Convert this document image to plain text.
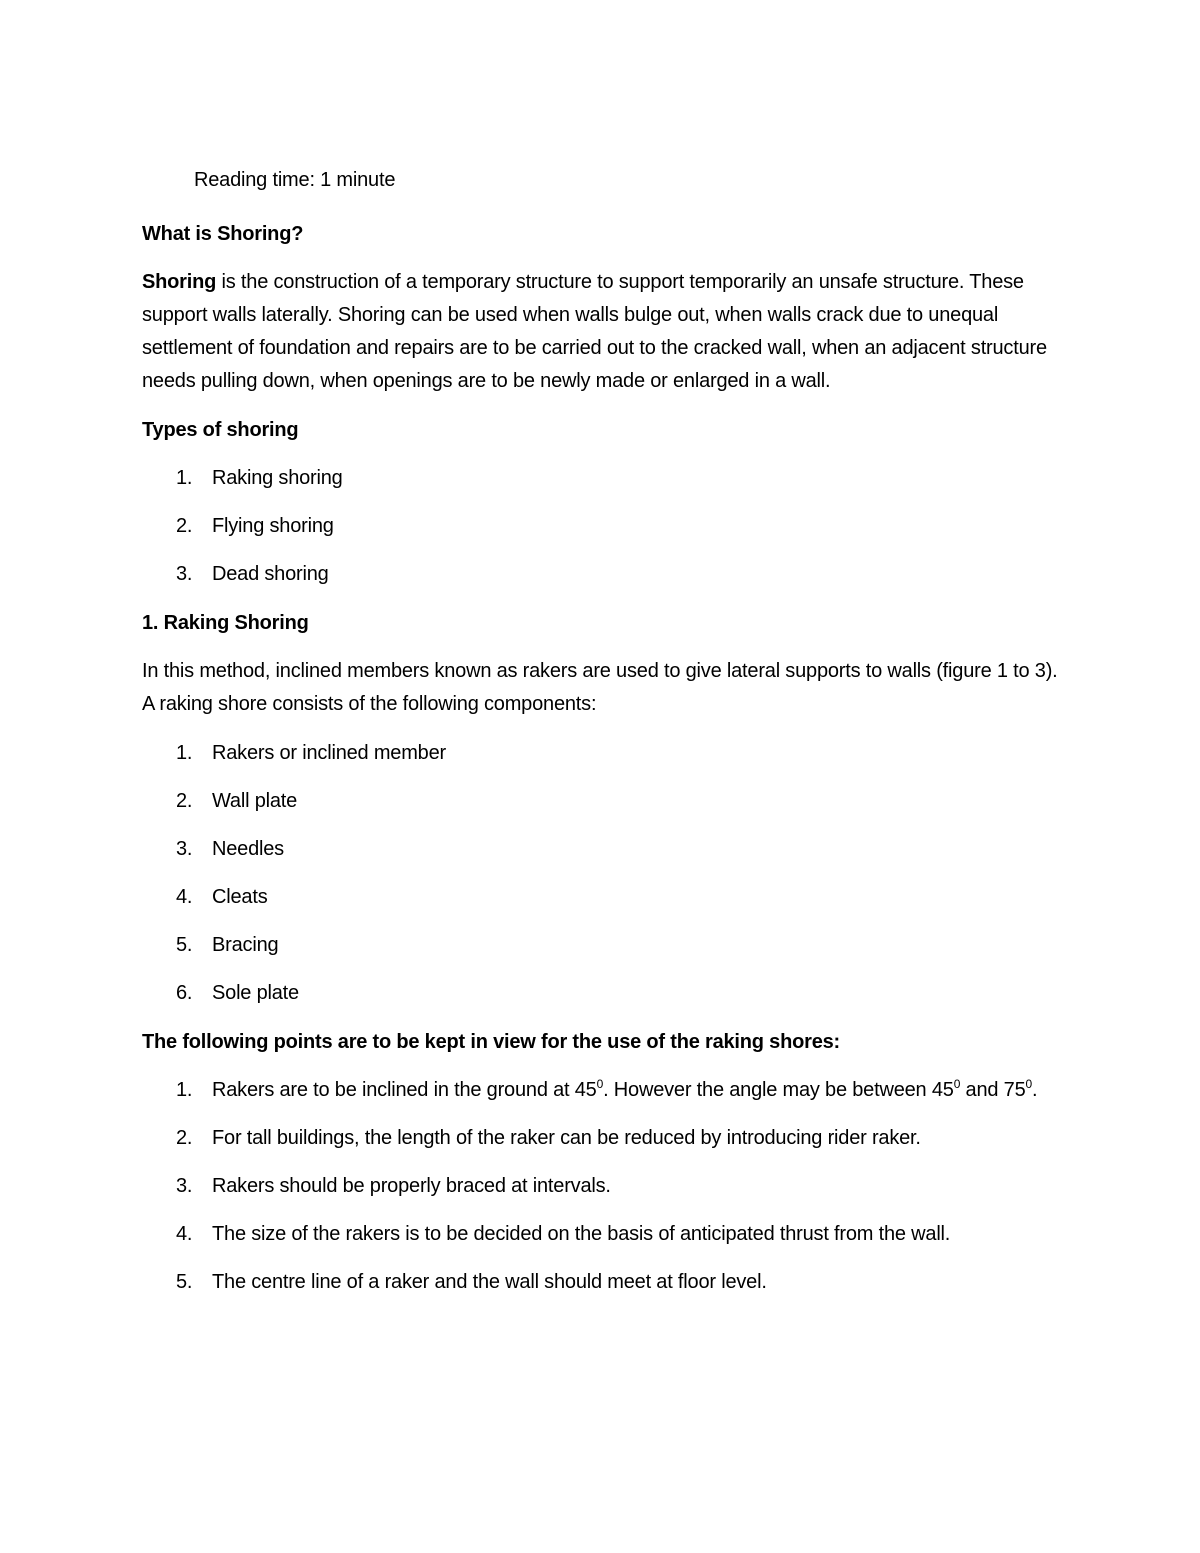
Reading time: 1 minute
What is Shoring?

Shoring is the construction of a temporary structure to support temporarily an unsafe structure. These support walls laterally. Shoring can be used when walls bulge out, when walls crack due to unequal settlement of foundation and repairs are to be carried out to the cracked wall, when an adjacent structure needs pulling down, when openings are to be newly made or enlarged in a wall.

Types of shoring
1. Raking shoring
2. Flying shoring
3. Dead shoring
1. Raking Shoring

In this method, inclined members known as rakers are used to give lateral supports to walls (figure 1 to 3). A raking shore consists of the following components:

1. Rakers or inclined member
2. Wall plate
3. Needles
4. Cleats
5. Bracing
6. Sole plate
The following points are to be kept in view for the use of the raking shores:
1. Rakers are to be inclined in the ground at $45^0$. However the angle may be between $45^0$ and $75^0$.
2. For tall buildings, the length of the raker can be reduced by introducing rider raker.
3. Rakers should be properly braced at intervals.
4. The size of the rakers is to be decided on the basis of anticipated thrust from the wall.
5. The centre line of a raker and the wall should meet at floor level.
